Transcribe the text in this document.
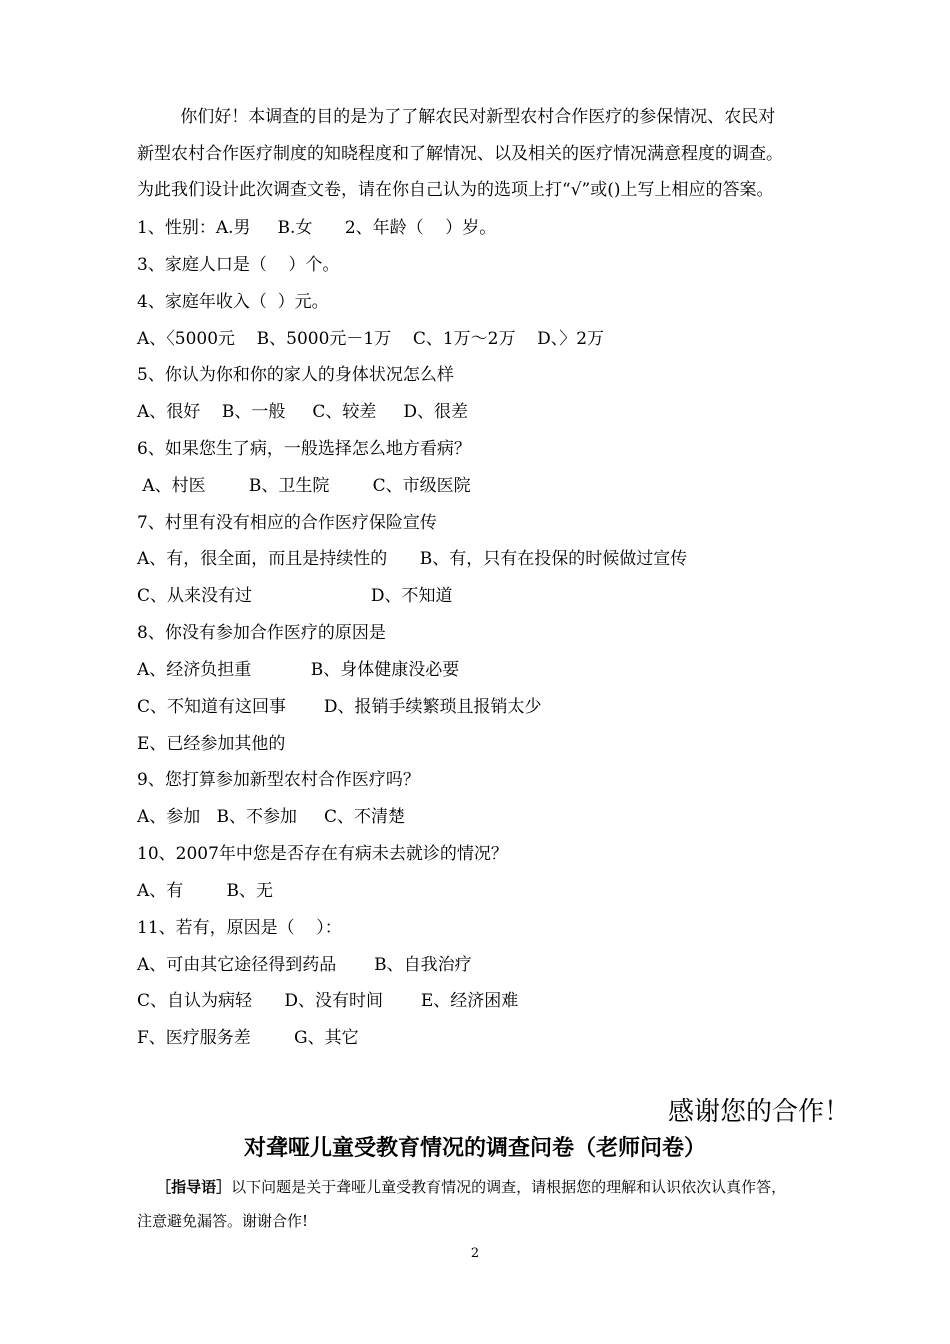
你们好！本调查的目的是为了了解农民对新型农村合作医疗的参保情况、农民对
新型农村合作医疗制度的知晓程度和了解情况、以及相关的医疗情况满意程度的调查。
为此我们设计此次调查文卷，请在你自己认为的选项上打“√”或()上写上相应的答案。
1、性别：A.男     B.女      2、年龄（    ）岁。
3、家庭人口是（    ）个。
4、家庭年收入（  ）元。
A、〈5000元    B、5000元－1万    C、1万～2万    D、〉2万
5、你认为你和你的家人的身体状况怎么样
A、很好    B、一般     C、较差     D、很差
6、如果您生了病，一般选择怎么地方看病？
A、村医        B、卫生院        C、市级医院
7、村里有没有相应的合作医疗保险宣传
A、有，很全面，而且是持续性的      B、有，只有在投保的时候做过宣传
C、从来没有过                      D、不知道
8、你没有参加合作医疗的原因是
A、经济负担重           B、身体健康没必要
C、不知道有这回事       D、报销手续繁琐且报销太少
E、已经参加其他的
9、您打算参加新型农村合作医疗吗？
A、参加   B、不参加     C、不清楚
10、2007年中您是否存在有病未去就诊的情况？
A、有        B、无
11、若有，原因是（    ）：
A、可由其它途径得到药品       B、自我治疗
C、自认为病轻      D、没有时间       E、经济困难
F、医疗服务差        G、其它
感谢您的合作！
对聋哑儿童受教育情况的调查问卷（老师问卷）
［指导语］以下问题是关于聋哑儿童受教育情况的调查，请根据您的理解和认识依次认真作答，
注意避免漏答。谢谢合作!
2
